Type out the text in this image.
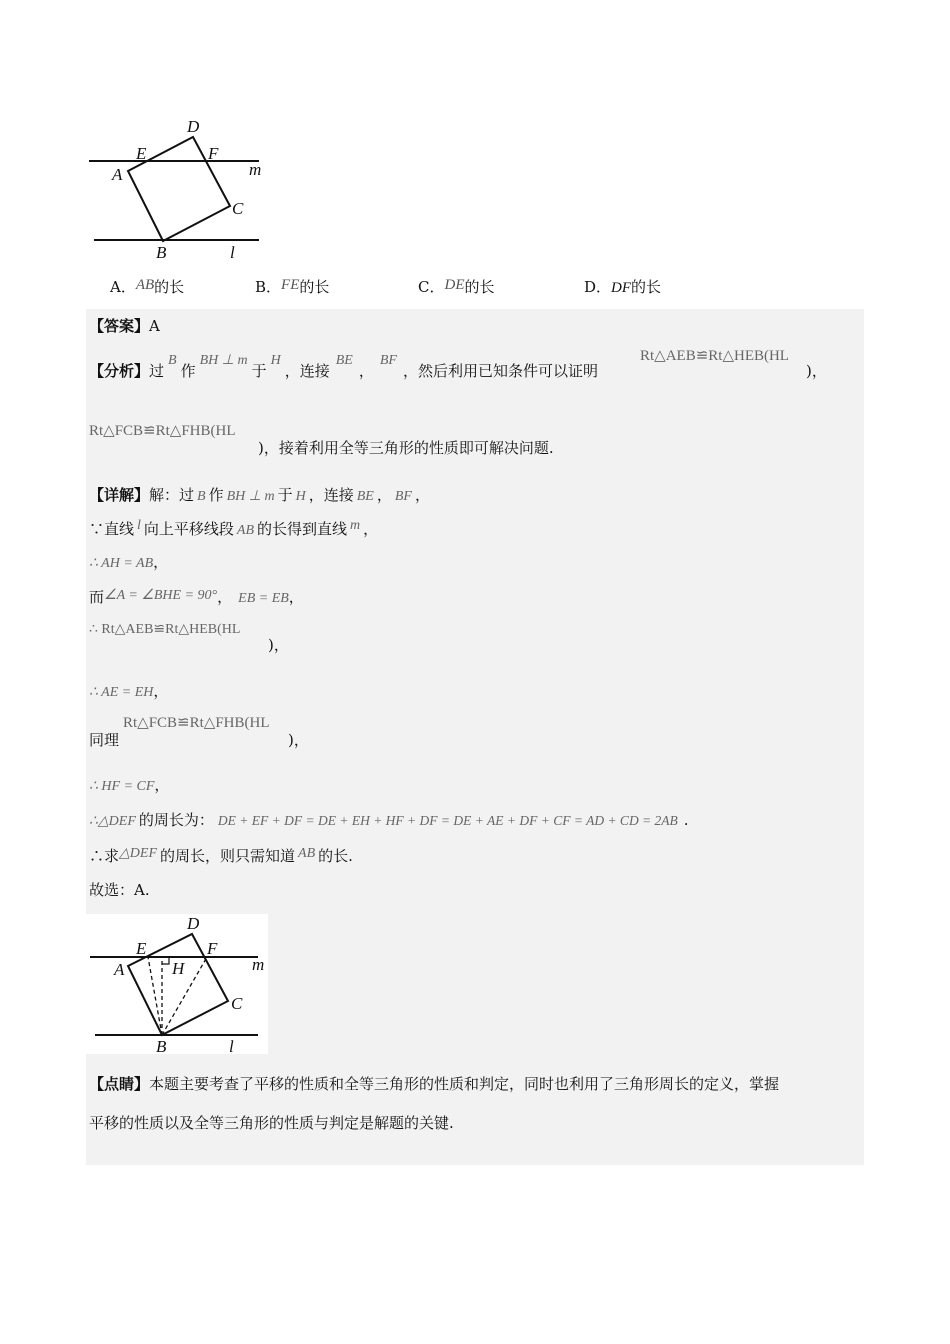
D
E	F
A	m
C
B	l
A．AB的长	B．FE的长	C．DE的长	D．DF的长
【答案】A
【分析】过B作BH ⊥ m于H，连接BE，BF，然后利用已知条件可以证明
Rt△AEB≌Rt△HEB(HL
)，
Rt△FCB≌Rt△FHB(HL
)，接着利用全等三角形的性质即可解决问题.
【详解】解：过 B 作 BH ⊥ m 于 H ，连接 BE ， BF ，
∵直线 l 向上平移线段 AB 的长得到直线 m ，
∴ AH = AB，
而∠A = ∠BHE = 90°， EB = EB，
∴ Rt△AEB≌Rt△HEB(HL
)，
∴ AE = EH，
Rt△FCB≌Rt△FHB(HL
同理	)，
∴ HF = CF，
∴△DEF 的周长为： DE + EF + DF = DE + EH + HF + DF = DE + AE + DF + CF = AD + CD = 2AB .
∴求△DEF 的周长，则只需知道 AB 的长.
故选：A.
D
E	F
A	H	m
C
B	l
【点睛】本题主要考查了平移的性质和全等三角形的性质和判定，同时也利用了三角形周长的定义，掌握
平移的性质以及全等三角形的性质与判定是解题的关键.
